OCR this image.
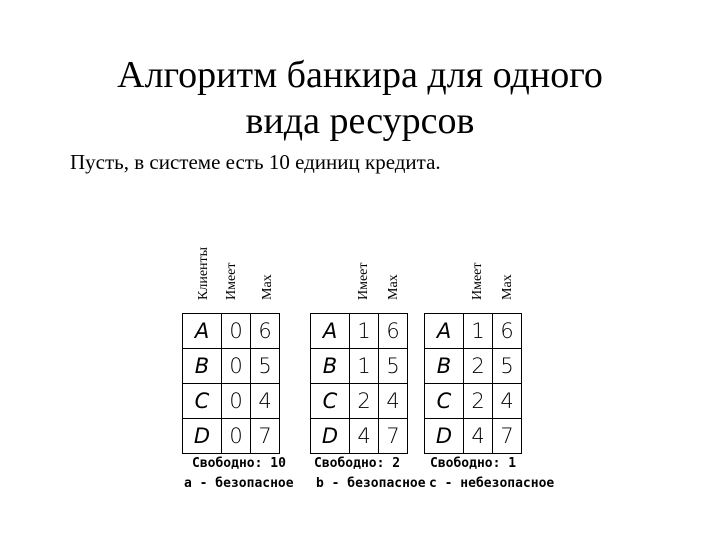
Алгоритм банкира для одного
вида ресурсов
Пусть, в системе есть 10 единиц кредита.
Клиенты Имеет Max	Имеет Max	Имеет Max
A	0	6
B	0	5
C	0	4
D	0	7
A	1	6
B	1	5
C	2	4
D	4	7
A	1	6
B	2	5
C	2	4
D	4	7
Свободно: 10
a - безопасное
Свободно: 2
b - безопасное
Свободно: 1
c - небезопасное
